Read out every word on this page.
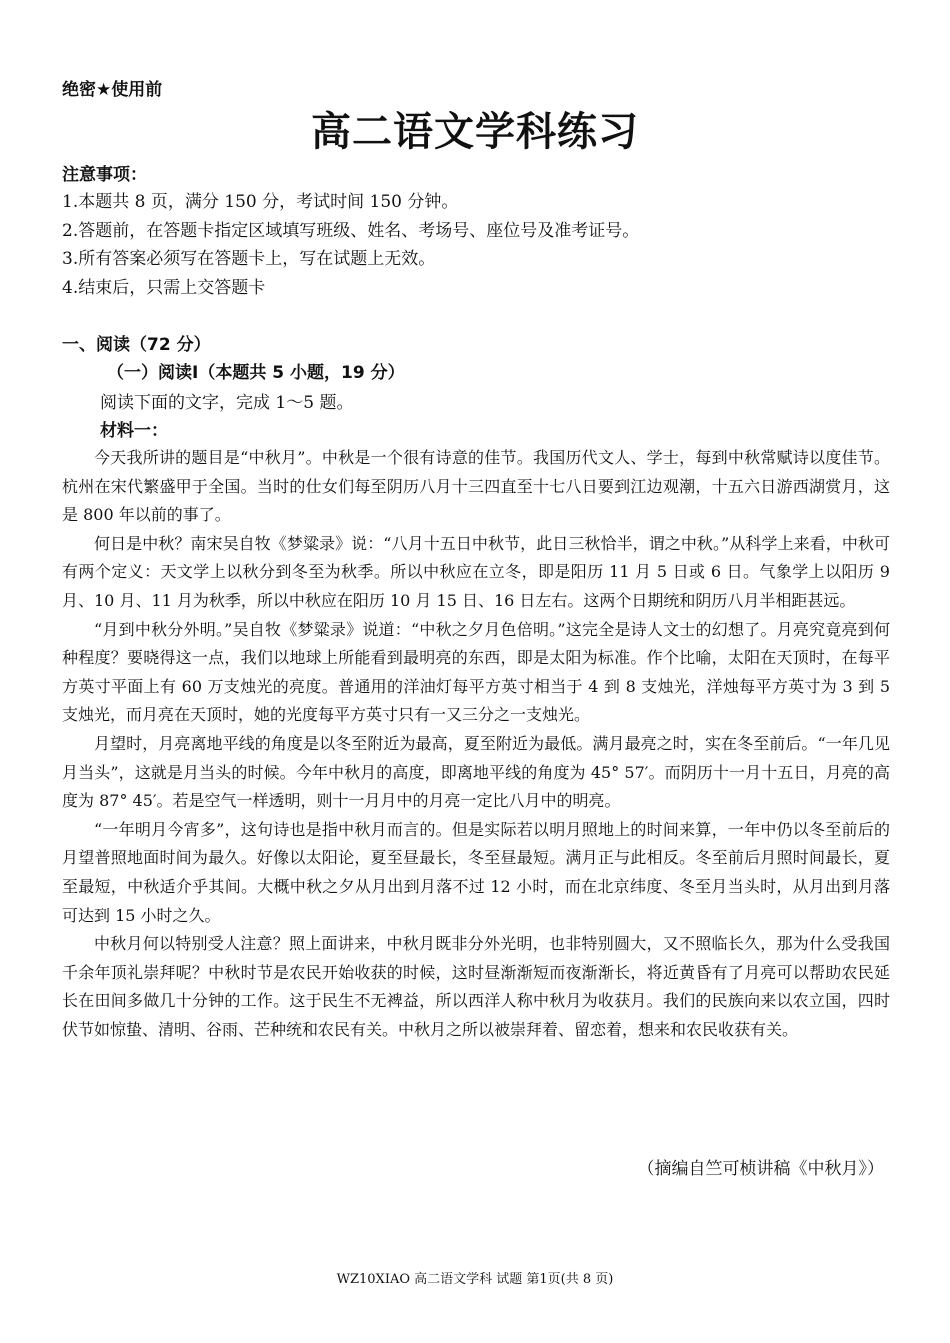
绝密★使用前
高二语文学科练习
注意事项：
1.本题共 8 页，满分 150 分，考试时间 150 分钟。
2.答题前，在答题卡指定区域填写班级、姓名、考场号、座位号及准考证号。
3.所有答案必须写在答题卡上，写在试题上无效。
4.结束后，只需上交答题卡
一、阅读（72 分）
（一）阅读Ⅰ（本题共 5 小题，19 分）
阅读下面的文字，完成 1～5 题。
材料一：

今天我所讲的题目是“中秋月”。中秋是一个很有诗意的佳节。我国历代文人、学士，每到中秋常赋诗以度佳节。杭州在宋代繁盛甲于全国。当时的仕女们每至阴历八月十三四直至十七八日要到江边观潮，十五六日游西湖赏月，这是 800 年以前的事了。

何日是中秋？南宋吴自牧《梦粱录》说：“八月十五日中秋节，此日三秋恰半，谓之中秋。”从科学上来看，中秋可有两个定义：天文学上以秋分到冬至为秋季。所以中秋应在立冬，即是阳历 11 月 5 日或 6 日。气象学上以阳历 9 月、10 月、11 月为秋季，所以中秋应在阳历 10 月 15 日、16 日左右。这两个日期统和阴历八月半相距甚远。

“月到中秋分外明。”吴自牧《梦粱录》说道：“中秋之夕月色倍明。”这完全是诗人文士的幻想了。月亮究竟亮到何种程度？要晓得这一点，我们以地球上所能看到最明亮的东西，即是太阳为标准。作个比喻，太阳在天顶时，在每平方英寸平面上有 60 万支烛光的亮度。普通用的洋油灯每平方英寸相当于 4 到 8 支烛光，洋烛每平方英寸为 3 到 5 支烛光，而月亮在天顶时，她的光度每平方英寸只有一又三分之一支烛光。

月望时，月亮离地平线的角度是以冬至附近为最高，夏至附近为最低。满月最亮之时，实在冬至前后。“一年几见月当头”，这就是月当头的时候。今年中秋月的高度，即离地平线的角度为 45° 57′。而阴历十一月十五日，月亮的高度为 87° 45′。若是空气一样透明，则十一月月中的月亮一定比八月中的明亮。

“一年明月今宵多”，这句诗也是指中秋月而言的。但是实际若以明月照地上的时间来算，一年中仍以冬至前后的月望普照地面时间为最久。好像以太阳论，夏至昼最长，冬至昼最短。满月正与此相反。冬至前后月照时间最长，夏至最短，中秋适介乎其间。大概中秋之夕从月出到月落不过 12 小时，而在北京纬度、冬至月当头时，从月出到月落可达到 15 小时之久。

中秋月何以特别受人注意？照上面讲来，中秋月既非分外光明，也非特别圆大，又不照临长久，那为什么受我国千余年顶礼崇拜呢？中秋时节是农民开始收获的时候，这时昼渐渐短而夜渐渐长，将近黄昏有了月亮可以帮助农民延长在田间多做几十分钟的工作。这于民生不无裨益，所以西洋人称中秋月为收获月。我们的民族向来以农立国，四时伏节如惊蛰、清明、谷雨、芒种统和农民有关。中秋月之所以被崇拜着、留恋着，想来和农民收获有关。

（摘编自竺可桢讲稿《中秋月》）
WZ10XIAO 高二语文学科 试题 第1页(共 8 页)
